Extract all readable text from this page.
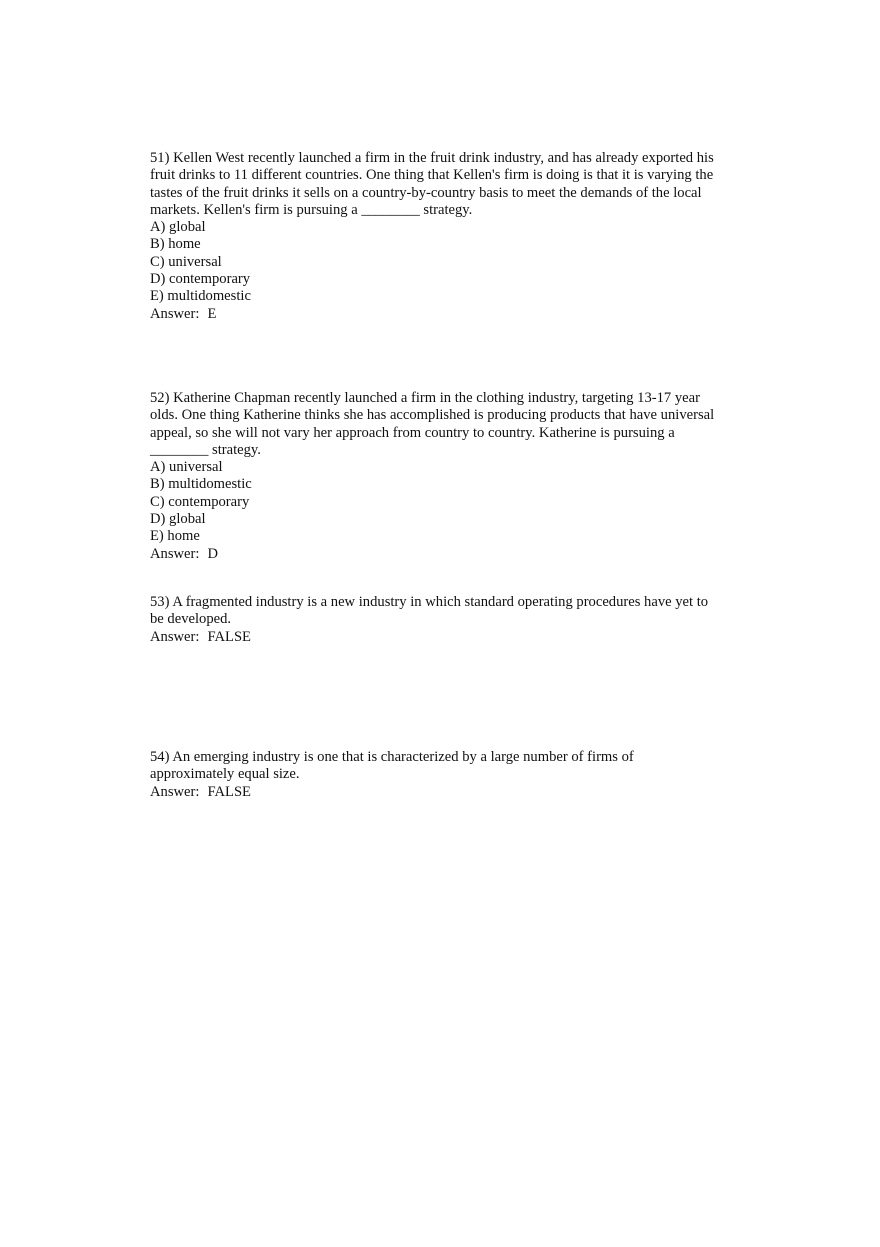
51) Kellen West recently launched a firm in the fruit drink industry, and has already exported his
fruit drinks to 11 different countries. One thing that Kellen's firm is doing is that it is varying the
tastes of the fruit drinks it sells on a country-by-country basis to meet the demands of the local
markets. Kellen's firm is pursuing a ________ strategy.
A) global
B) home
C) universal
D) contemporary
E) multidomestic
Answer: E
52) Katherine Chapman recently launched a firm in the clothing industry, targeting 13-17 year
olds. One thing Katherine thinks she has accomplished is producing products that have universal
appeal, so she will not vary her approach from country to country. Katherine is pursuing a
________ strategy.
A) universal
B) multidomestic
C) contemporary
D) global
E) home
Answer: D
53) A fragmented industry is a new industry in which standard operating procedures have yet to
be developed.
Answer: FALSE
54) An emerging industry is one that is characterized by a large number of firms of
approximately equal size.
Answer: FALSE
